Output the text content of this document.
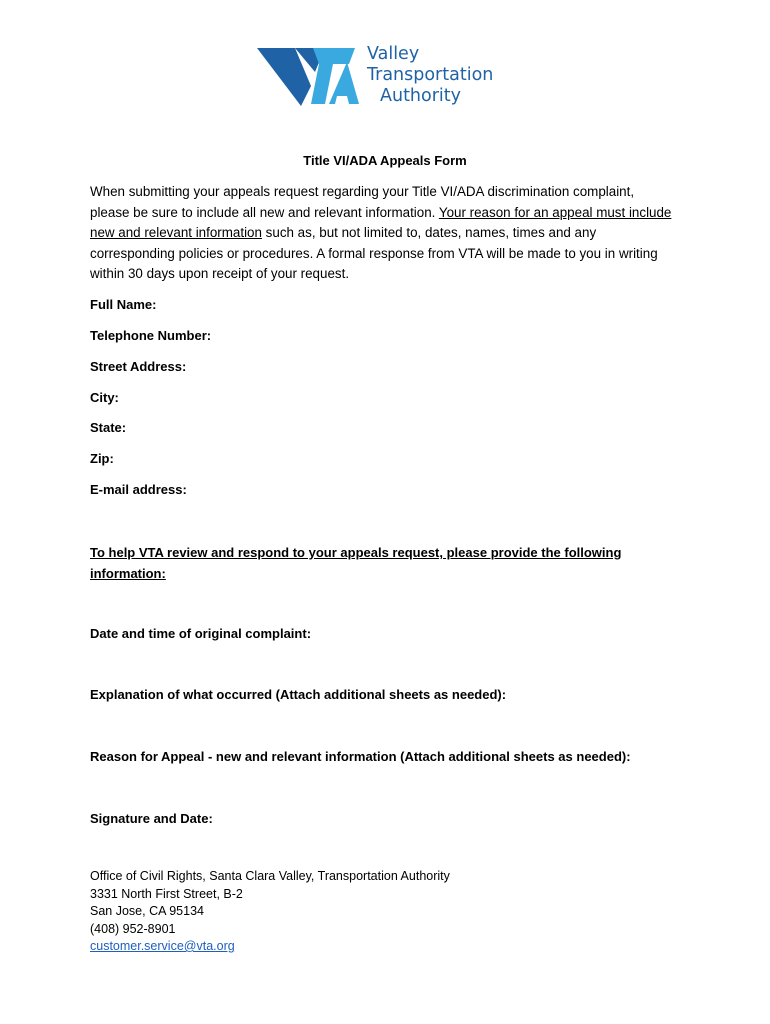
Valley
Transportation
Authority
Title VI/ADA Appeals Form
When submitting your appeals request regarding your Title VI/ADA discrimination complaint, please be sure to include all new and relevant information. Your reason for an appeal must include new and relevant information such as, but not limited to, dates, names, times and any corresponding policies or procedures. A formal response from VTA will be made to you in writing within 30 days upon receipt of your request.
Full Name:
Telephone Number:
Street Address:
City:
State:
Zip:
E-mail address:
To help VTA review and respond to your appeals request, please provide the following information:
Date and time of original complaint:
Explanation of what occurred (Attach additional sheets as needed):
Reason for Appeal - new and relevant information (Attach additional sheets as needed):
Signature and Date:
Office of Civil Rights, Santa Clara Valley, Transportation Authority
3331 North First Street, B-2
San Jose, CA 95134
(408) 952-8901
customer.service@vta.org
